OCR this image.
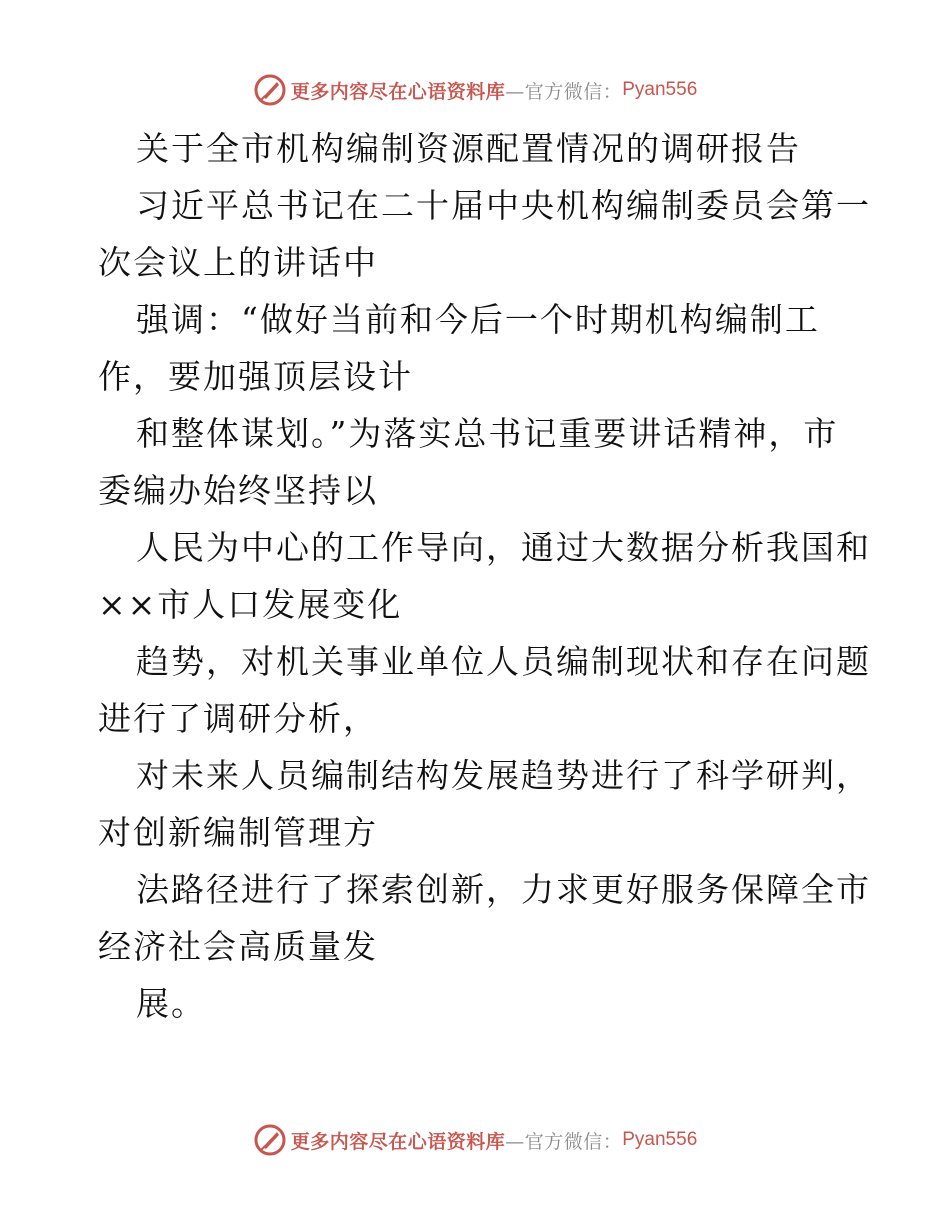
更多内容尽在心语资料库 —官方微信： Pyan556
关于全市机构编制资源配置情况的调研报告
习近平总书记在二十届中央机构编制委员会第一
次会议上的讲话中
强调：“做好当前和今后一个时期机构编制工
作，要加强顶层设计
和整体谋划。”为落实总书记重要讲话精神，市
委编办始终坚持以
人民为中心的工作导向，通过大数据分析我国和
××市人口发展变化
趋势，对机关事业单位人员编制现状和存在问题
进行了调研分析，
对未来人员编制结构发展趋势进行了科学研判，
对创新编制管理方
法路径进行了探索创新，力求更好服务保障全市
经济社会高质量发
展。
更多内容尽在心语资料库 —官方微信： Pyan556
